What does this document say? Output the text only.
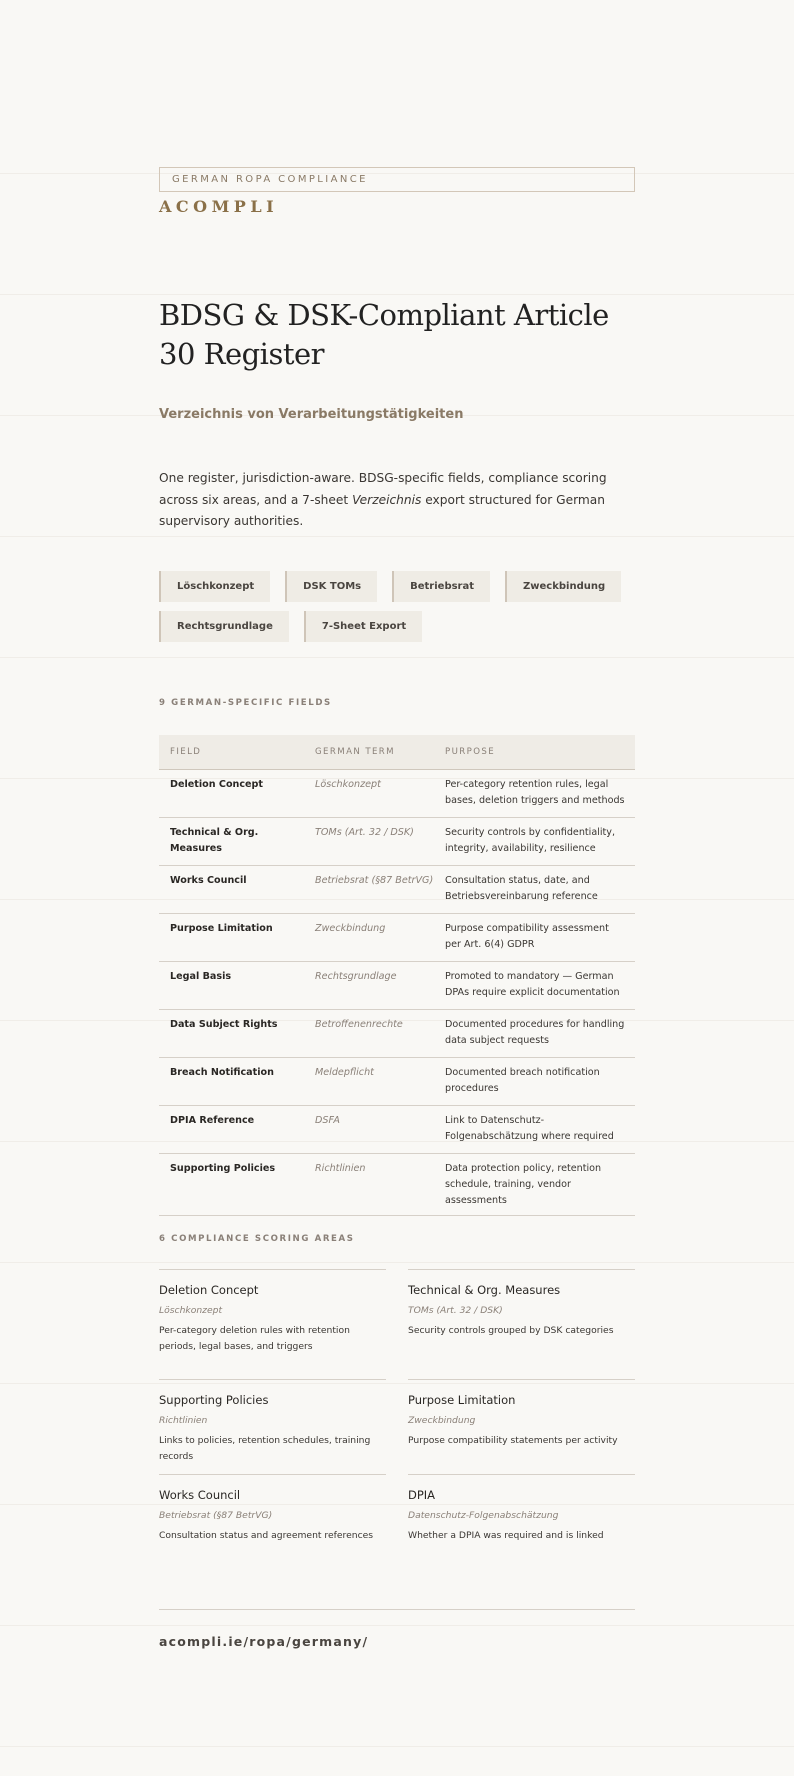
GERMAN ROPA COMPLIANCE
ACOMPLI
BDSG & DSK-Compliant Article 30 Register
Verzeichnis von Verarbeitungstätigkeiten

One register, jurisdiction-aware. BDSG-specific fields, compliance scoring across six areas, and a 7-sheet Verzeichnis export structured for German supervisory authorities.

Löschkonzept	DSK TOMs	Betriebsrat	Zweckbindung
Rechtsgrundlage	7-Sheet Export
9 GERMAN-SPECIFIC FIELDS
FIELD	GERMAN TERM	PURPOSE
Deletion Concept	Löschkonzept	Per-category retention rules, legal bases, deletion triggers and methods
Technical & Org. Measures	TOMs (Art. 32 / DSK)	Security controls by confidentiality, integrity, availability, resilience
Works Council	Betriebsrat (§87 BetrVG)	Consultation status, date, and Betriebsvereinbarung reference
Purpose Limitation	Zweckbindung	Purpose compatibility assessment per Art. 6(4) GDPR
Legal Basis	Rechtsgrundlage	Promoted to mandatory — German DPAs require explicit documentation
Data Subject Rights	Betroffenenrechte	Documented procedures for handling data subject requests
Breach Notification	Meldepflicht	Documented breach notification procedures
DPIA Reference	DSFA	Link to Datenschutz-Folgenabschätzung where required
Supporting Policies	Richtlinien	Data protection policy, retention schedule, training, vendor assessments
6 COMPLIANCE SCORING AREAS
Deletion Concept
Löschkonzept
Per-category deletion rules with retention periods, legal bases, and triggers
Technical & Org. Measures
TOMs (Art. 32 / DSK)
Security controls grouped by DSK categories
Supporting Policies
Richtlinien
Links to policies, retention schedules, training records
Purpose Limitation
Zweckbindung
Purpose compatibility statements per activity
Works Council
Betriebsrat (§87 BetrVG)
Consultation status and agreement references
DPIA
Datenschutz-Folgenabschätzung
Whether a DPIA was required and is linked
acompli.ie/ropa/germany/
